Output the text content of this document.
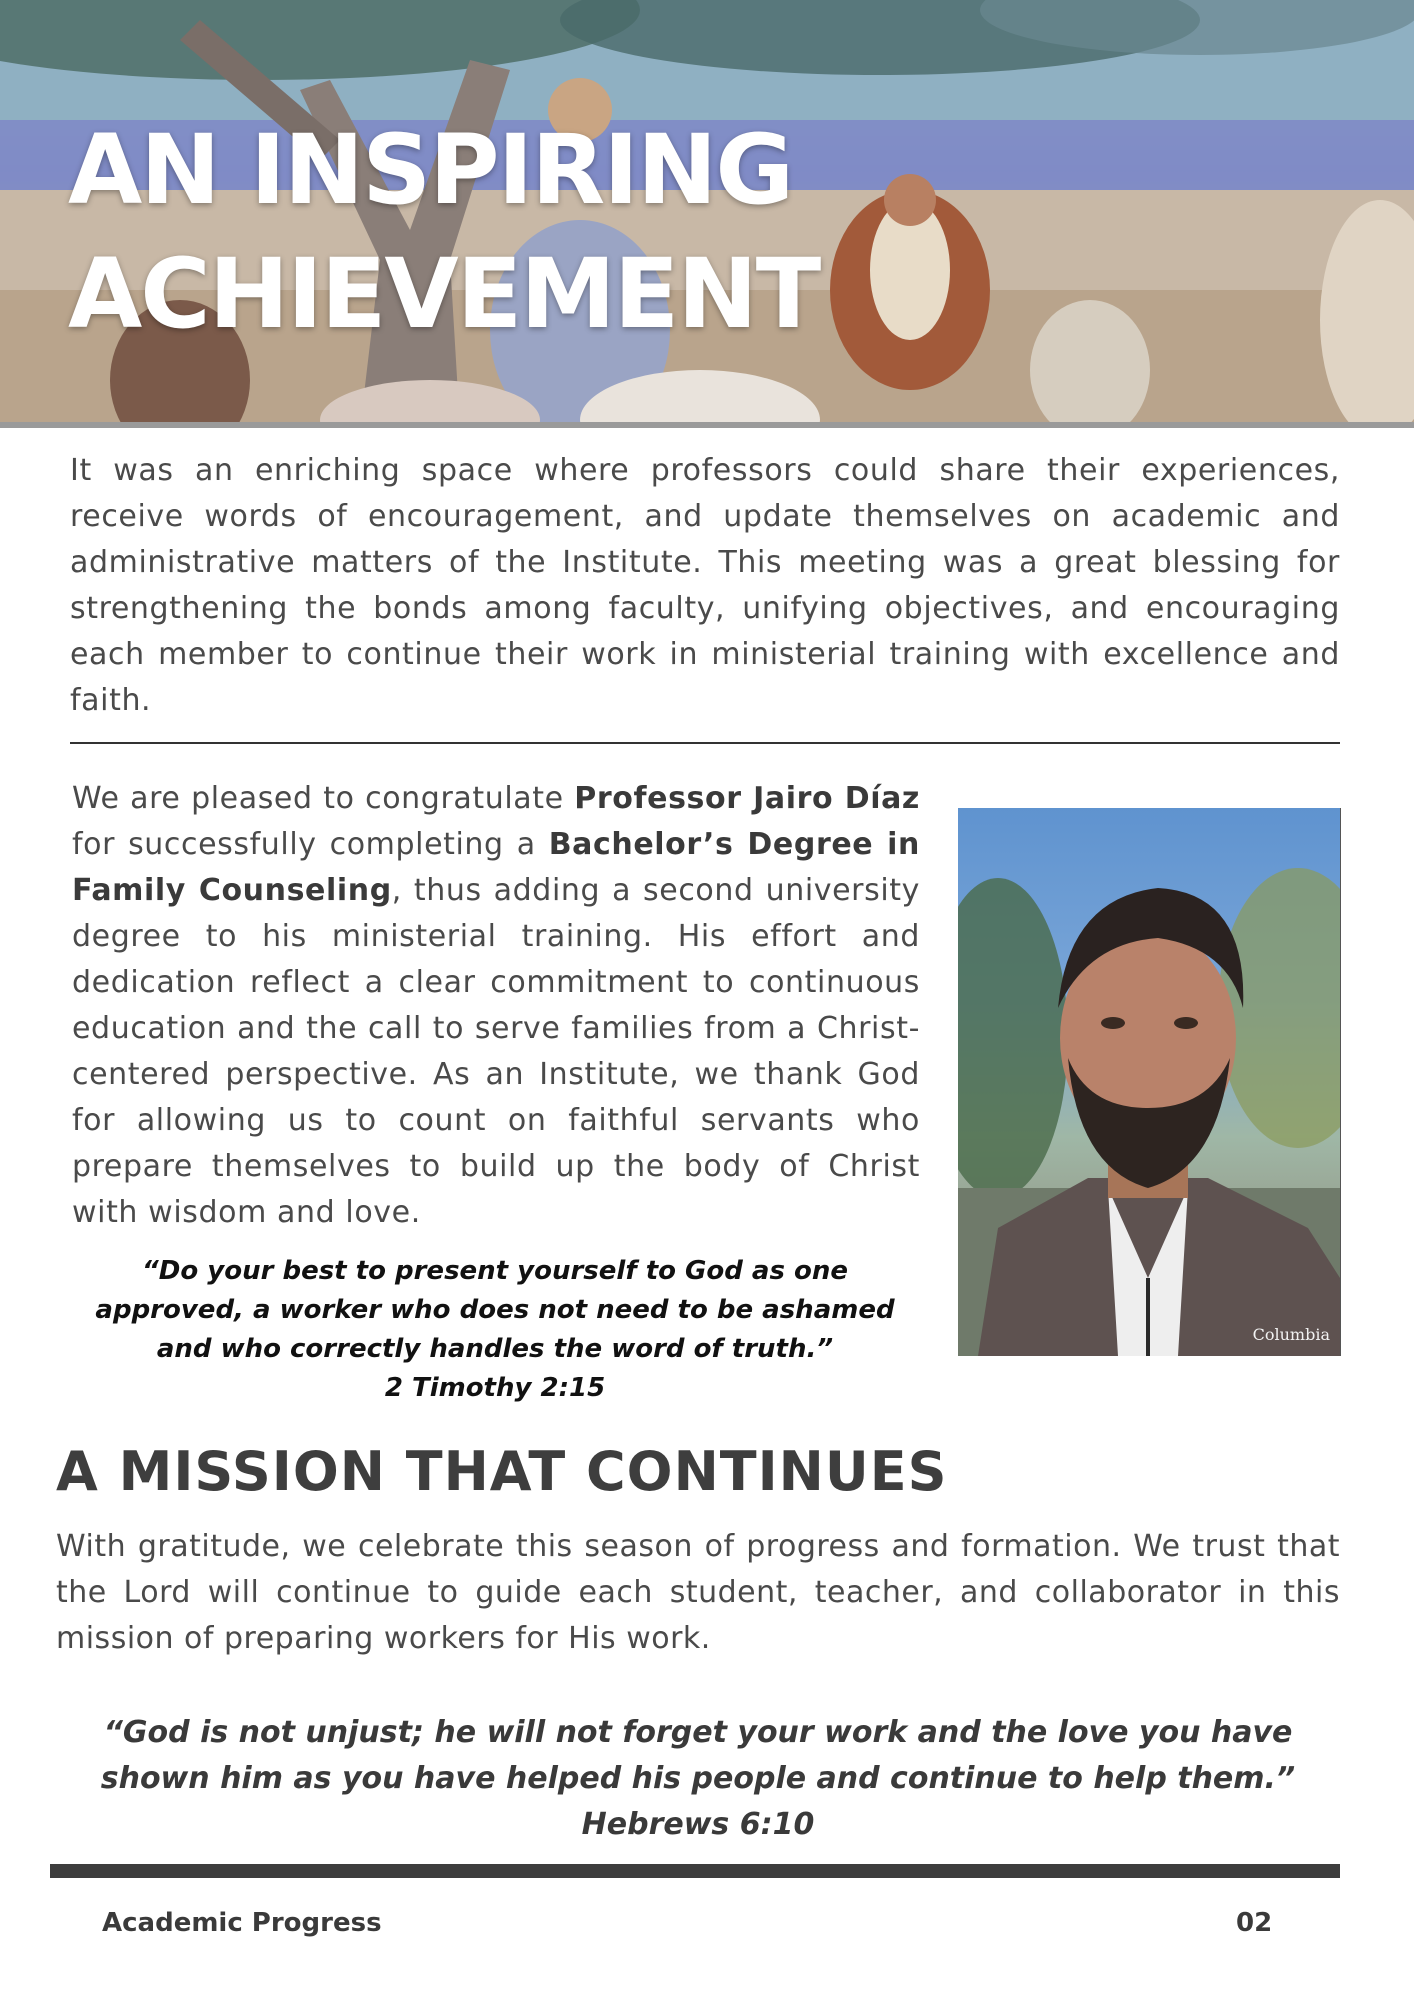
AN INSPIRING
ACHIEVEMENT

It was an enriching space where professors could share their experiences, receive words of encouragement, and update themselves on academic and administrative matters of the Institute. This meeting was a great blessing for strengthening the bonds among faculty, unifying objectives, and encouraging each member to continue their work in ministerial training with excellence and faith.

We are pleased to congratulate Professor Jairo Díaz for successfully completing a Bachelor’s Degree in Family Counseling, thus adding a second university degree to his ministerial training. His effort and dedication reflect a clear commitment to continuous education and the call to serve families from a Christ-centered perspective. As an Institute, we thank God for allowing us to count on faithful servants who prepare themselves to build up the body of Christ with wisdom and love.

Columbia
“Do your best to present yourself to God as one approved, a worker who does not need to be ashamed and who correctly handles the word of truth.”
2 Timothy 2:15
A MISSION THAT CONTINUES

With gratitude, we celebrate this season of progress and formation. We trust that the Lord will continue to guide each student, teacher, and collaborator in this mission of preparing workers for His work.

“God is not unjust; he will not forget your work and the love you have shown him as you have helped his people and continue to help them.”
Hebrews 6:10
Academic Progress	02
